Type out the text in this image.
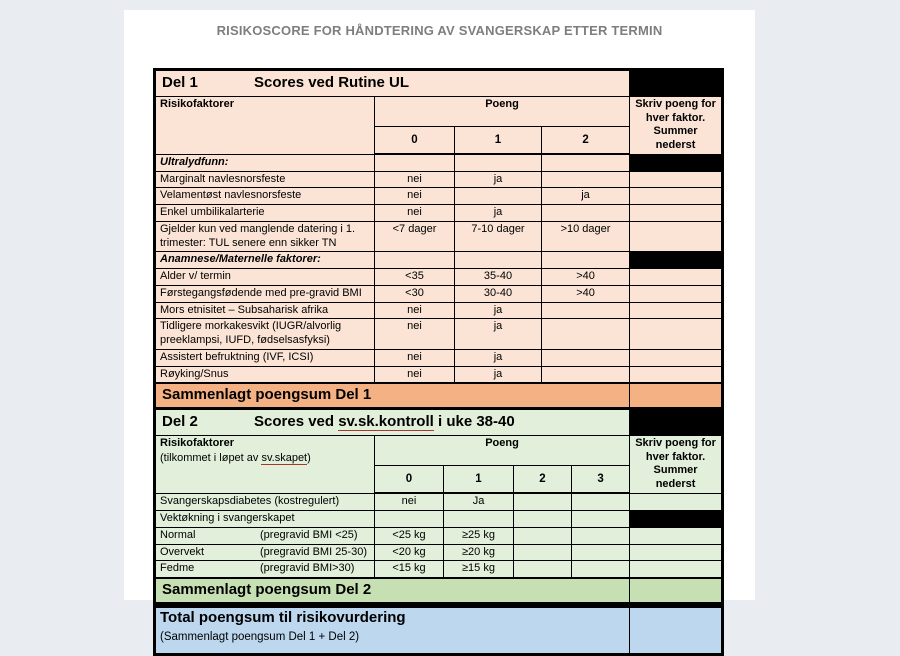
RISIKOSCORE FOR HÅNDTERING AV SVANGERSKAP ETTER TERMIN
Del 1 Scores ved Rutine UL				
Risikofaktorer	Poeng			Skriv poeng for hver faktor. Summer nederst
	0	1	2	
Ultralydfunn:				
Marginalt navlesnorsfeste	nei	ja		
Velamentøst navlesnorsfeste	nei		ja	
Enkel umbilikalarterie	nei	ja		
Gjelder kun ved manglende datering i 1. trimester: TUL senere enn sikker TN	<7 dager	7-10 dager	>10 dager	
Anamnese/Maternelle faktorer:				
Alder v/ termin	<35	35-40	>40	
Førstegangsfødende med pre-gravid BMI	<30	30-40	>40	
Mors etnisitet – Subsaharisk afrika	nei	ja		
Tidligere morkakesvikt (IUGR/alvorlig preeklampsi, IUFD, fødselsasfyksi)	nei	ja		
Assistert befruktning (IVF, ICSI)	nei	ja		
Røyking/Snus	nei	ja		
Sammenlagt poengsum Del 1				
Del 2 Scores ved sv.sk.kontroll i uke 38-40					

Risikofaktorer
(tilkommet i løpet av sv.skapet)	Poeng				Skriv poeng for hver faktor. Summer nederst
	0	1	2	3	
Svangerskapsdiabetes (kostregulert)	nei	Ja			
Vektøkning i svangerskapet					
Normal (pregravid BMI <25)	<25 kg	≥25 kg			
Overvekt (pregravid BMI 25-30)	<20 kg	≥20 kg			
Fedme (pregravid BMI>30)	<15 kg	≥15 kg			
Sammenlagt poengsum Del 2					
Total poengsum til risikovurdering
(Sammenlagt poengsum Del 1 + Del 2)
